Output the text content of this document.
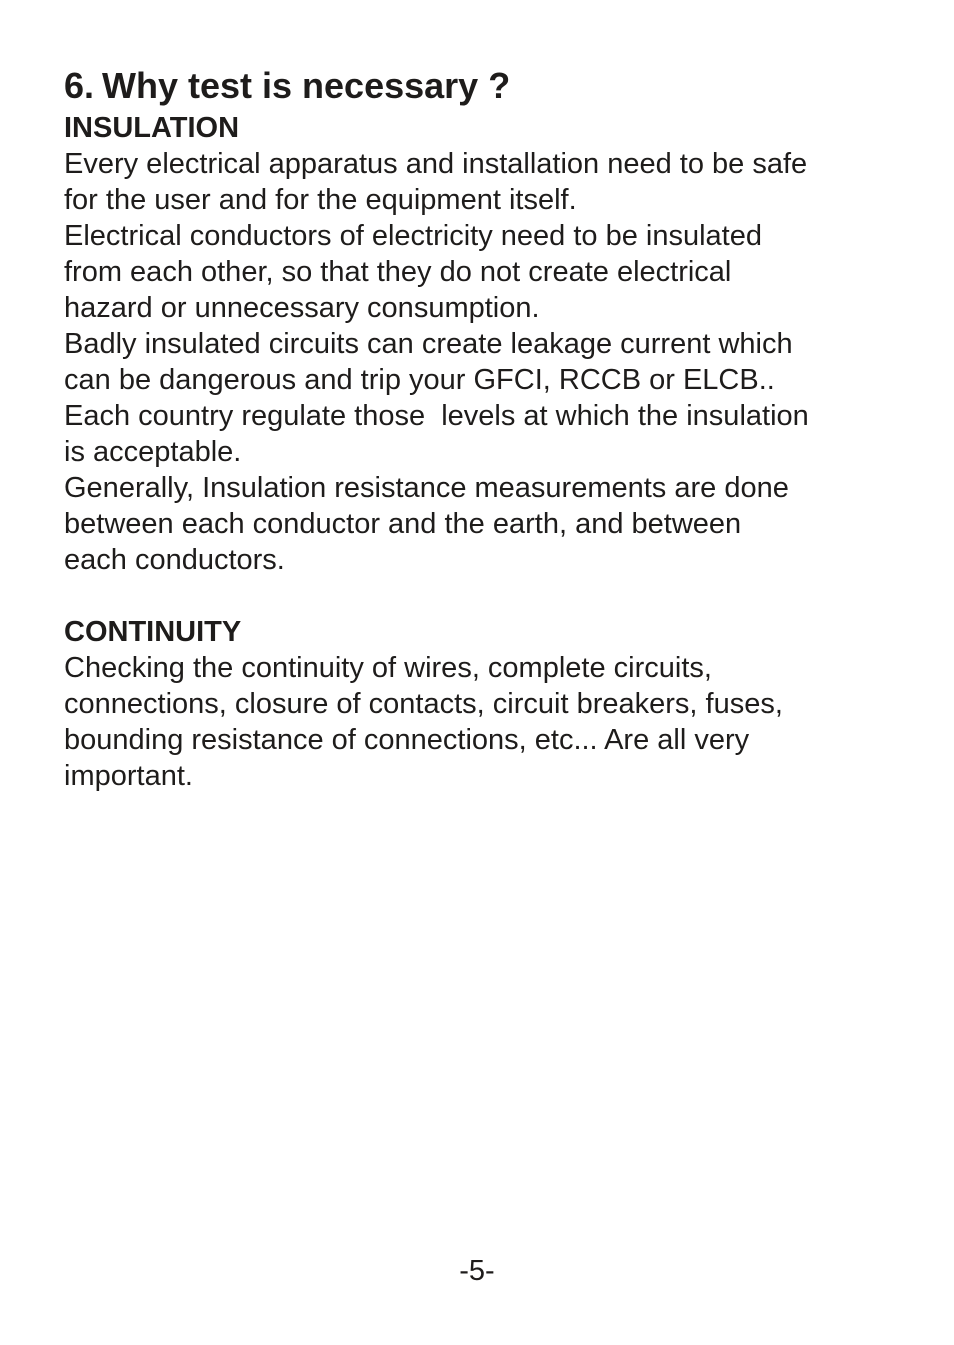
6. Why test is necessary ?
INSULATION

Every electrical apparatus and installation need to be safe
for the user and for the equipment itself.

Electrical conductors of electricity need to be insulated
from each other, so that they do not create electrical
hazard or unnecessary consumption.

Badly insulated circuits can create leakage current which
can be dangerous and trip your GFCI, RCCB or ELCB..

Each country regulate those  levels at which the insulation
is acceptable.

Generally, Insulation resistance measurements are done
between each conductor and the earth, and between
each conductors.

CONTINUITY

Checking the continuity of wires, complete circuits,
connections, closure of contacts, circuit breakers, fuses,
bounding resistance of connections, etc... Are all very
important.

-5-
